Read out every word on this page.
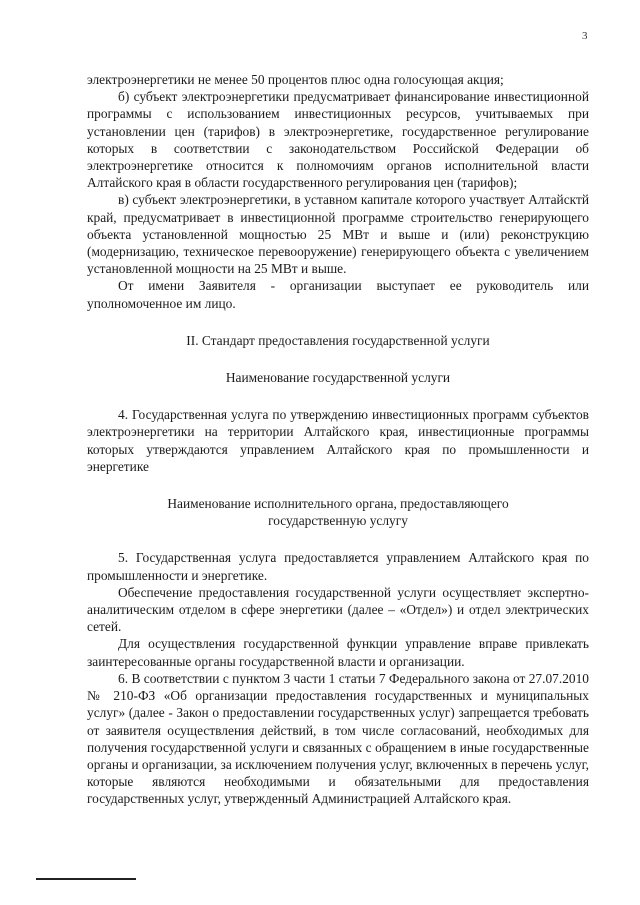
3

электроэнергетики не менее 50 процентов плюс одна голосующая акция;

б) субъект электроэнергетики предусматривает финансирование инвестиционной программы с использованием инвестиционных ресурсов, учитываемых при установлении цен (тарифов) в электроэнергетике, государственное регулирование которых в соответствии с законодательством Российской Федерации об электроэнергетике относится к полномочиям органов исполнительной власти Алтайского края в области государственного регулирования цен (тарифов);

в) субъект электроэнергетики, в уставном капитале которого участвует Алтайсктй край, предусматривает в инвестиционной программе строительство генерирующего объекта установленной мощностью 25 МВт и выше и (или) реконструкцию (модернизацию, техническое перевооружение) генерирующего объекта с увеличением установленной мощности на 25 МВт и выше.

От имени Заявителя - организации выступает ее руководитель или уполномоченное им лицо.

II. Стандарт предоставления государственной услуги

Наименование государственной услуги

4. Государственная услуга по утверждению инвестиционных программ субъектов электроэнергетики на территории Алтайского края, инвестиционные программы которых утверждаются управлением Алтайского края по промышленности и энергетике

Наименование исполнительного органа, предоставляющего

государственную услугу

5. Государственная услуга предоставляется управлением Алтайского края по промышленности и энергетике.

Обеспечение предоставления государственной услуги осуществляет экспертно-аналитическим отделом в сфере энергетики (далее – «Отдел») и отдел электрических сетей.

Для осуществления государственной функции управление вправе привлекать заинтересованные органы государственной власти и организации.

6. В соответствии с пунктом 3 части 1 статьи 7 Федерального закона от 27.07.2010 № 210-ФЗ «Об организации предоставления государственных и муниципальных услуг» (далее - Закон о предоставлении государственных услуг) запрещается требовать от заявителя осуществления действий, в том числе согласований, необходимых для получения государственной услуги и связанных с обращением в иные государственные органы и организации, за исключением получения услуг, включенных в перечень услуг, которые являются необходимыми и обязательными для предоставления государственных услуг, утвержденный Администрацией Алтайского края.
